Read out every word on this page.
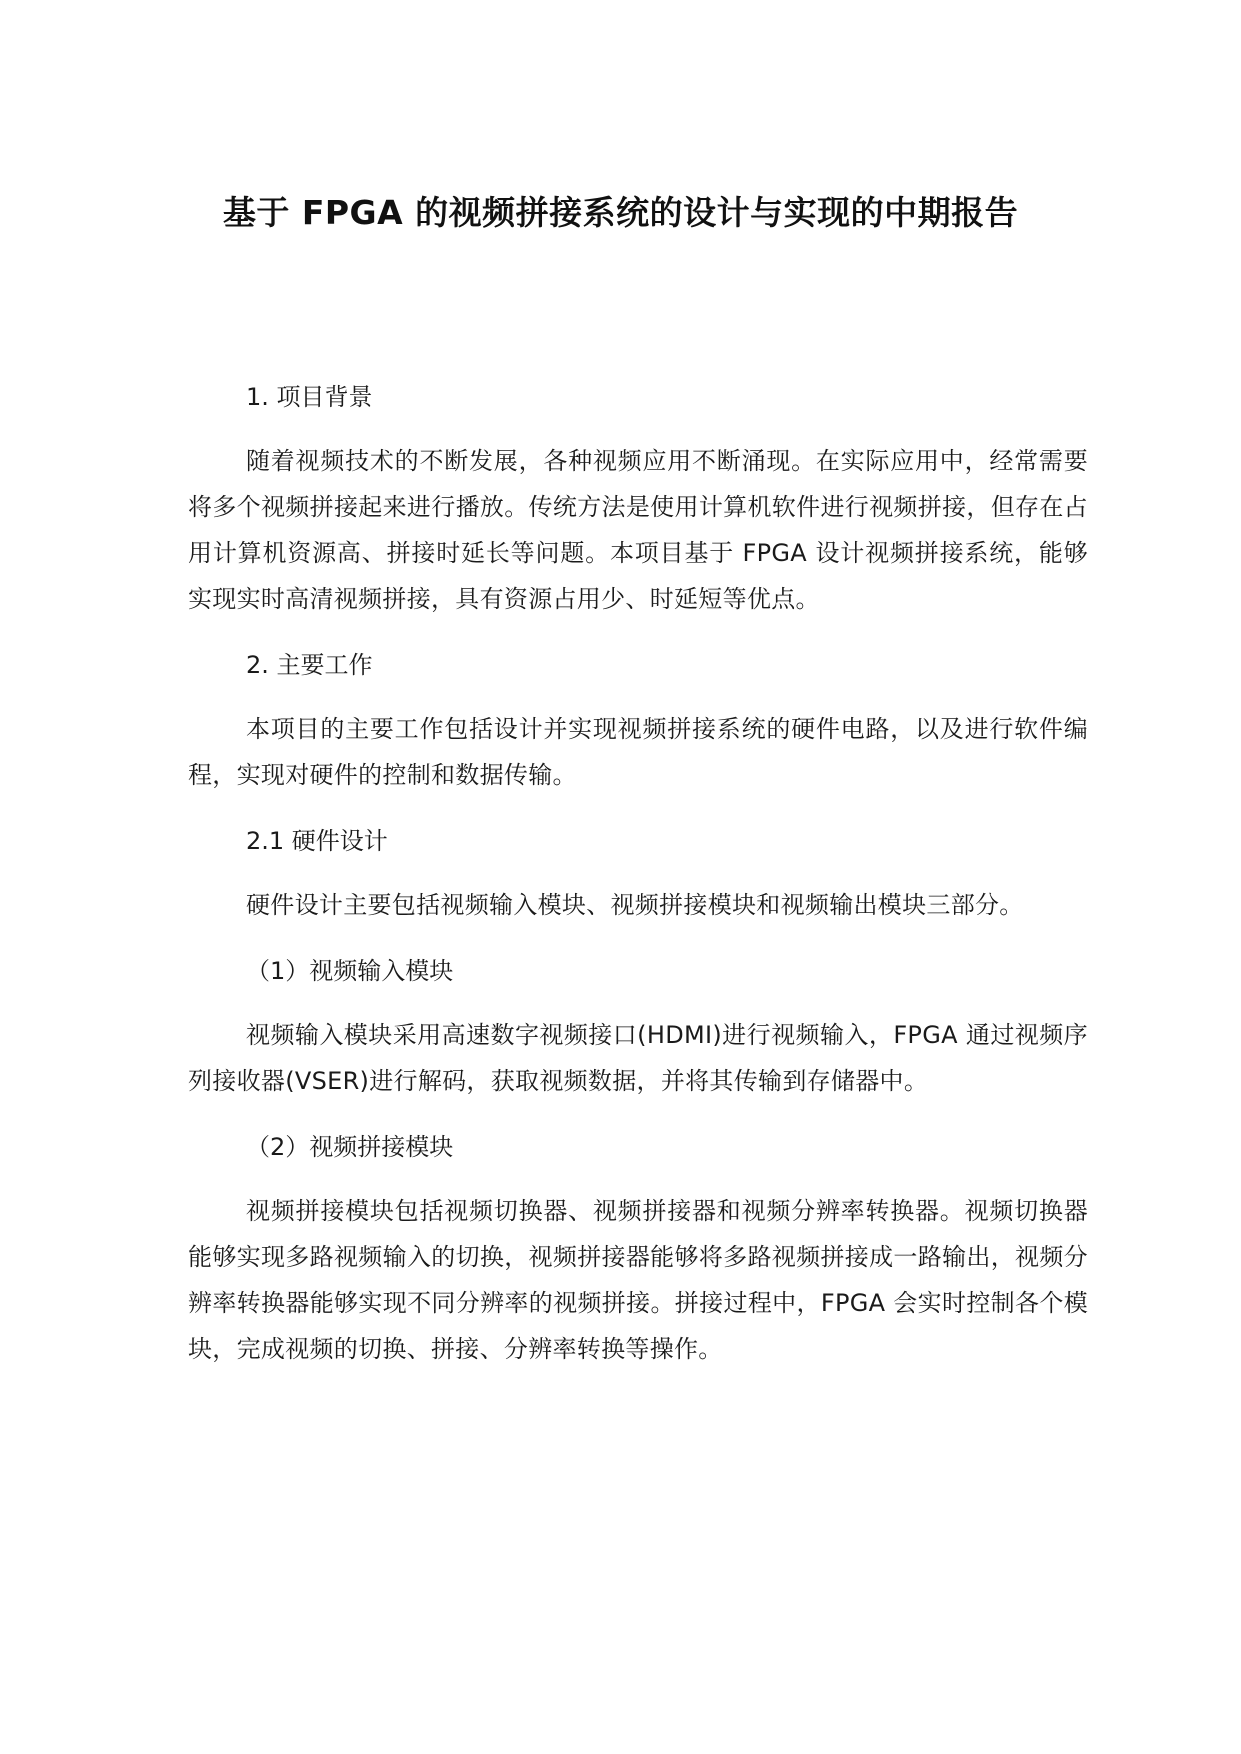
基于 FPGA 的视频拼接系统的设计与实现的中期报告
1. 项目背景

随着视频技术的不断发展，各种视频应用不断涌现。在实际应用中，经常需要将多个视频拼接起来进行播放。传统方法是使用计算机软件进行视频拼接，但存在占用计算机资源高、拼接时延长等问题。本项目基于 FPGA 设计视频拼接系统，能够实现实时高清视频拼接，具有资源占用少、时延短等优点。

2. 主要工作

本项目的主要工作包括设计并实现视频拼接系统的硬件电路，以及进行软件编程，实现对硬件的控制和数据传输。

2.1 硬件设计

硬件设计主要包括视频输入模块、视频拼接模块和视频输出模块三部分。

（1）视频输入模块

视频输入模块采用高速数字视频接口(HDMI)进行视频输入，FPGA 通过视频序列接收器(VSER)进行解码，获取视频数据，并将其传输到存储器中。

（2）视频拼接模块

视频拼接模块包括视频切换器、视频拼接器和视频分辨率转换器。视频切换器能够实现多路视频输入的切换，视频拼接器能够将多路视频拼接成一路输出，视频分辨率转换器能够实现不同分辨率的视频拼接。拼接过程中，FPGA 会实时控制各个模块，完成视频的切换、拼接、分辨率转换等操作。
